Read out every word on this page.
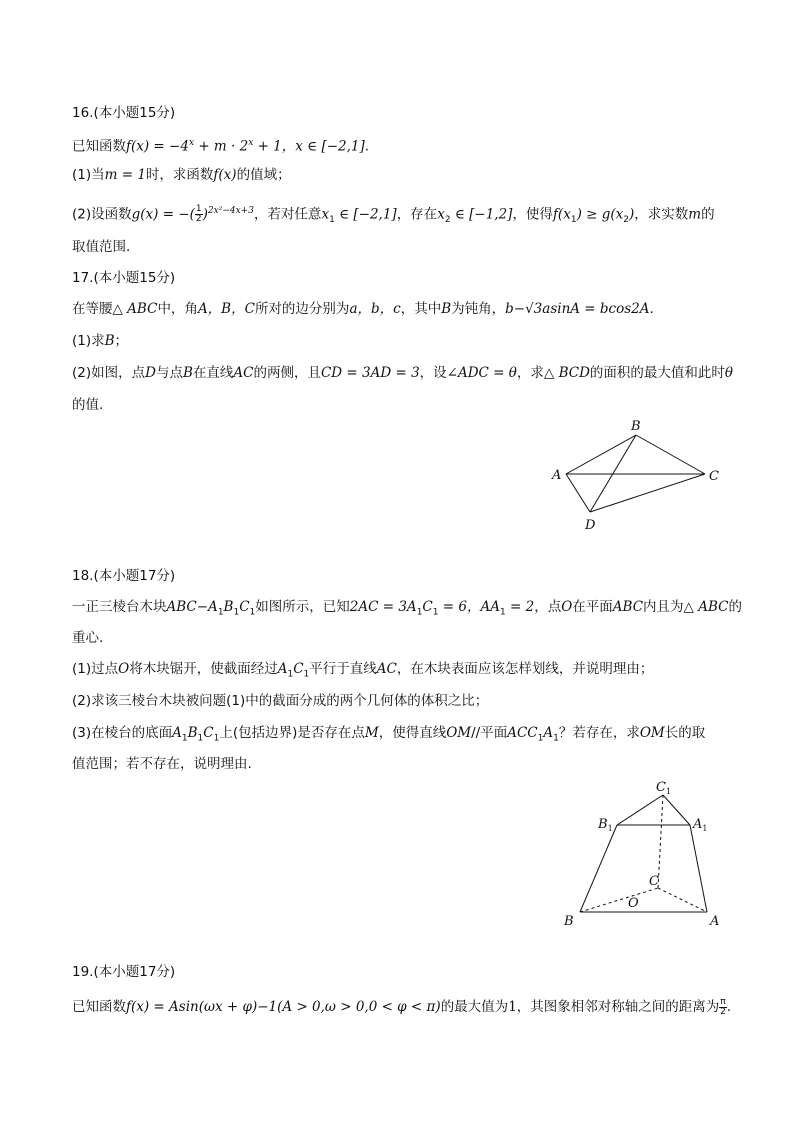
16.(本小题15分)
已知函数$f(x) = -4^x + m \cdot 2^x + 1$，x ∈ [−2,1].
(1)当m = 1时，求函数f(x)的值域；
(2)设函数g(x) = −( $\frac{1}{2} )^{2x^2-4x+3}$，若对任意$x_1$ ∈ [−2,1]，存在$x_2$ ∈ [−1,2]，使得$f(x_1) \ge g(x_2)$，求实数m的
取值范围.
17.(本小题15分)
在等腰△ ABC中，角A，B，C所对的边分别为a，b，c，其中B为钝角，b−√3asinA = bcos2A.
(1)求B；
(2)如图，点D与点B在直线AC的两侧，且CD = 3AD = 3，设∠ADC = θ，求△ BCD的面积的最大值和此时θ
的值.
B
A	C
D
18.(本小题17分)
一正三棱台木块$ABC-A_1B_1C_1$如图所示，已知$2AC = 3A_1C_1 = 6$，$AA_1 = 2$，点O在平面ABC内且为△ ABC的
重心.
(1)过点O将木块锯开，使截面经过$A_1C_1$平行于直线AC，在木块表面应该怎样划线，并说明理由；
(2)求该三棱台木块被问题(1)中的截面分成的两个几何体的体积之比；
(3)在棱台的底面$A_1B_1C_1$上(包括边界)是否存在点M，使得直线OM//平面$ACC_1A_1$？若存在，求OM长的取
值范围；若不存在，说明理由.
$C_1$
$B_1$	$A_1$
C
O
B	A
19.(本小题17分)
已知函数f(x) = Asin(ωx + φ)−1(A > 0,ω > 0,0 < φ < π)的最大值为1，其图象相邻对称轴之间的距离为 $\frac{\pi}{2}$ .
